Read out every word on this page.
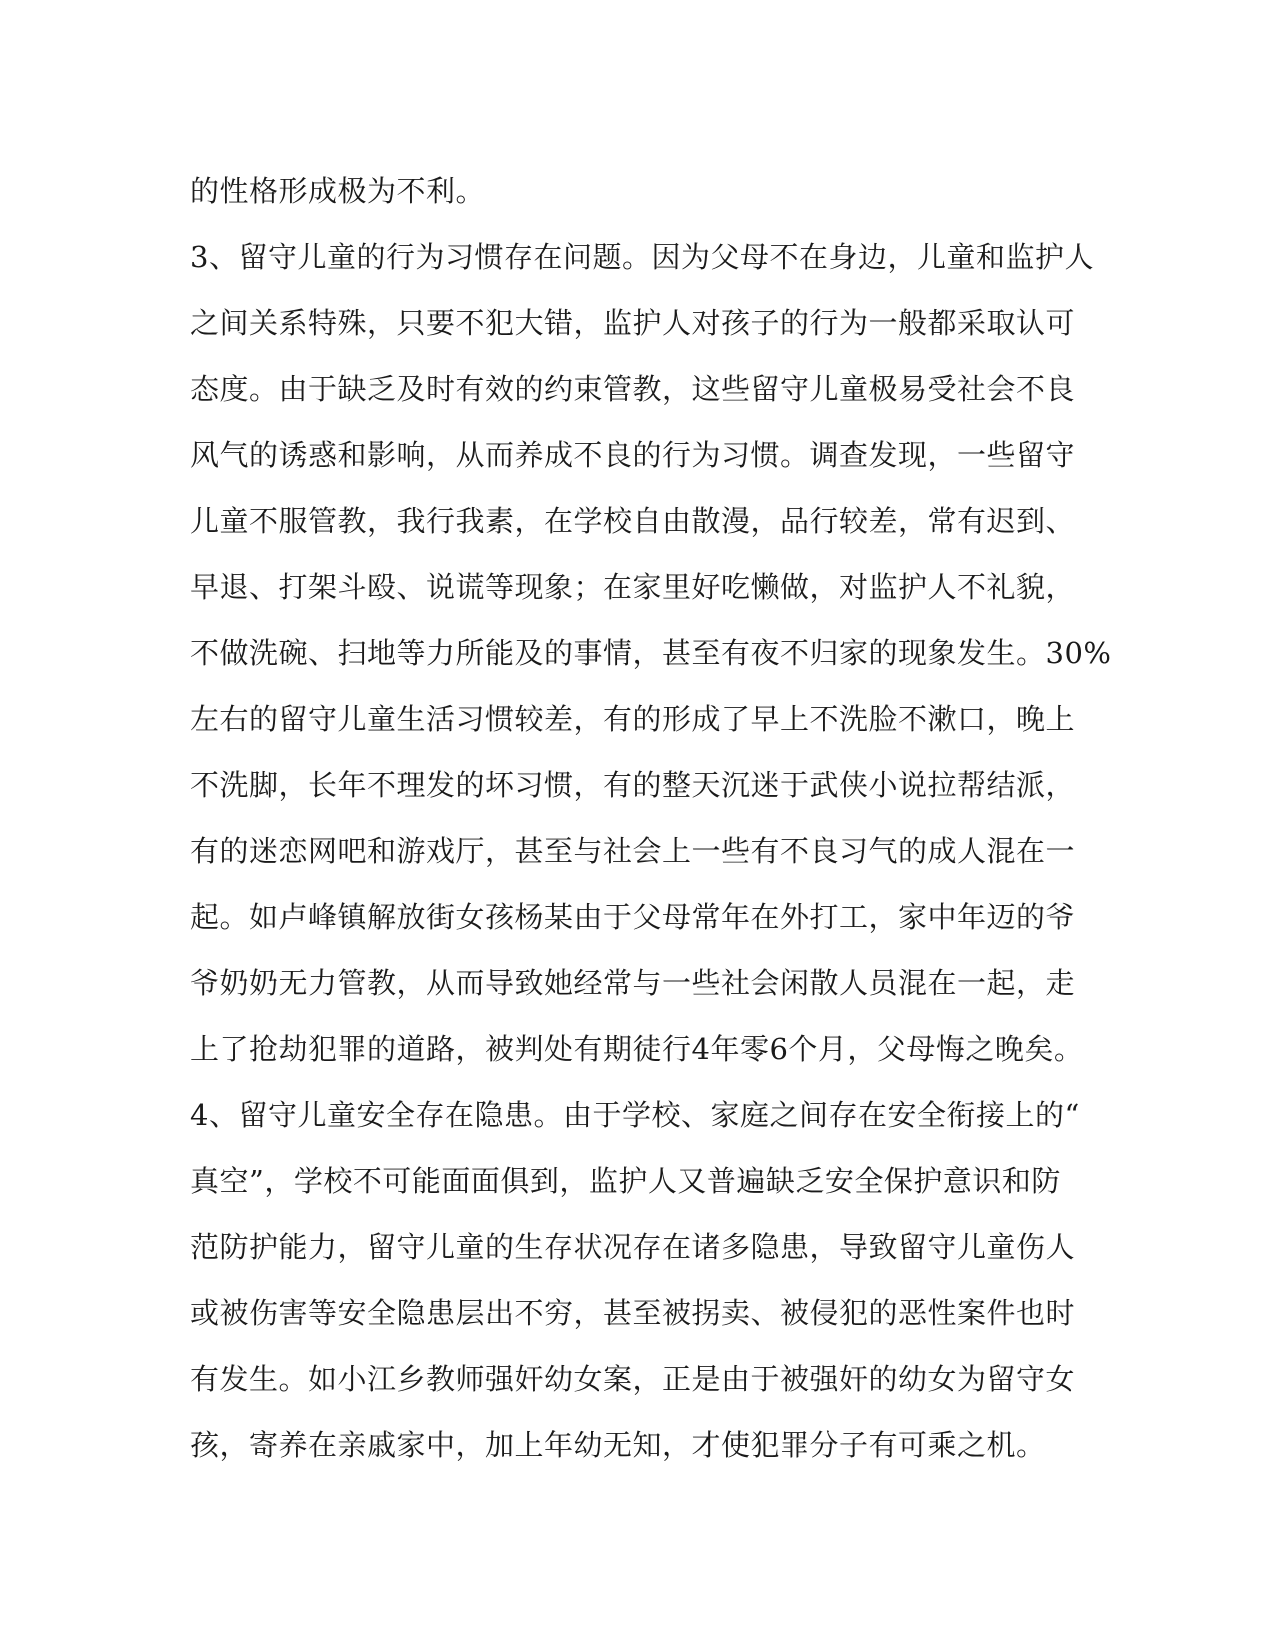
的性格形成极为不利。
3、留守儿童的行为习惯存在问题。因为父母不在身边，儿童和监护人
之间关系特殊，只要不犯大错，监护人对孩子的行为一般都采取认可
态度。由于缺乏及时有效的约束管教，这些留守儿童极易受社会不良
风气的诱惑和影响，从而养成不良的行为习惯。调查发现，一些留守
儿童不服管教，我行我素，在学校自由散漫，品行较差，常有迟到、
早退、打架斗殴、说谎等现象；在家里好吃懒做，对监护人不礼貌，
不做洗碗、扫地等力所能及的事情，甚至有夜不归家的现象发生。30%
左右的留守儿童生活习惯较差，有的形成了早上不洗脸不漱口，晚上
不洗脚，长年不理发的坏习惯，有的整天沉迷于武侠小说拉帮结派，
有的迷恋网吧和游戏厅，甚至与社会上一些有不良习气的成人混在一
起。如卢峰镇解放街女孩杨某由于父母常年在外打工，家中年迈的爷
爷奶奶无力管教，从而导致她经常与一些社会闲散人员混在一起，走
上了抢劫犯罪的道路，被判处有期徒行4年零6个月，父母悔之晚矣。
4、留守儿童安全存在隐患。由于学校、家庭之间存在安全衔接上的“
真空”，学校不可能面面俱到，监护人又普遍缺乏安全保护意识和防
范防护能力，留守儿童的生存状况存在诸多隐患，导致留守儿童伤人
或被伤害等安全隐患层出不穷，甚至被拐卖、被侵犯的恶性案件也时
有发生。如小江乡教师强奸幼女案，正是由于被强奸的幼女为留守女
孩，寄养在亲戚家中，加上年幼无知，才使犯罪分子有可乘之机。
